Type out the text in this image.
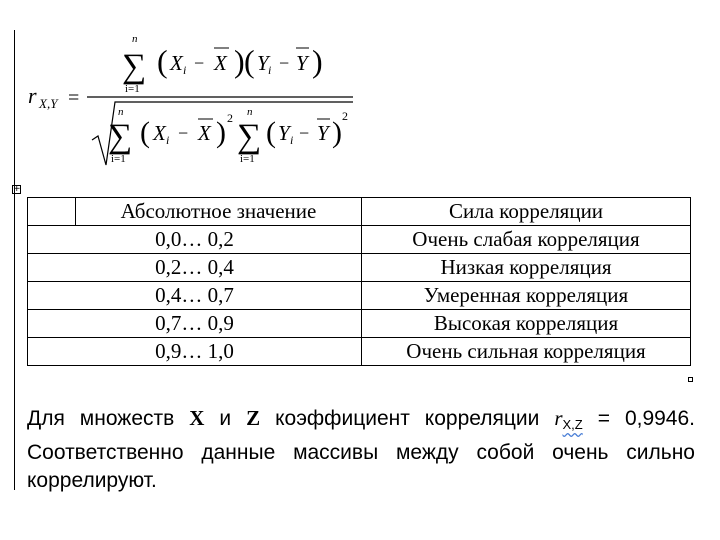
r X,Y =
n
∑
i=1
( X i − X ) ( Y i − Y )
n
∑
i=1
( X i − X ) 2 n
∑
i=1
( Y i − Y ) 2
+
	Абсолютное значение	Сила корреляции
0,0… 0,2		Очень слабая корреляция
0,2… 0,4		Низкая корреляция
0,4… 0,7		Умеренная корреляция
0,7… 0,9		Высокая корреляция
0,9… 1,0		Очень сильная корреляция
Для множеств X и Z коэффициент корреляции rX,Z = 0,9946.
Соответственно данные массивы между собой очень сильно
коррелируют.
